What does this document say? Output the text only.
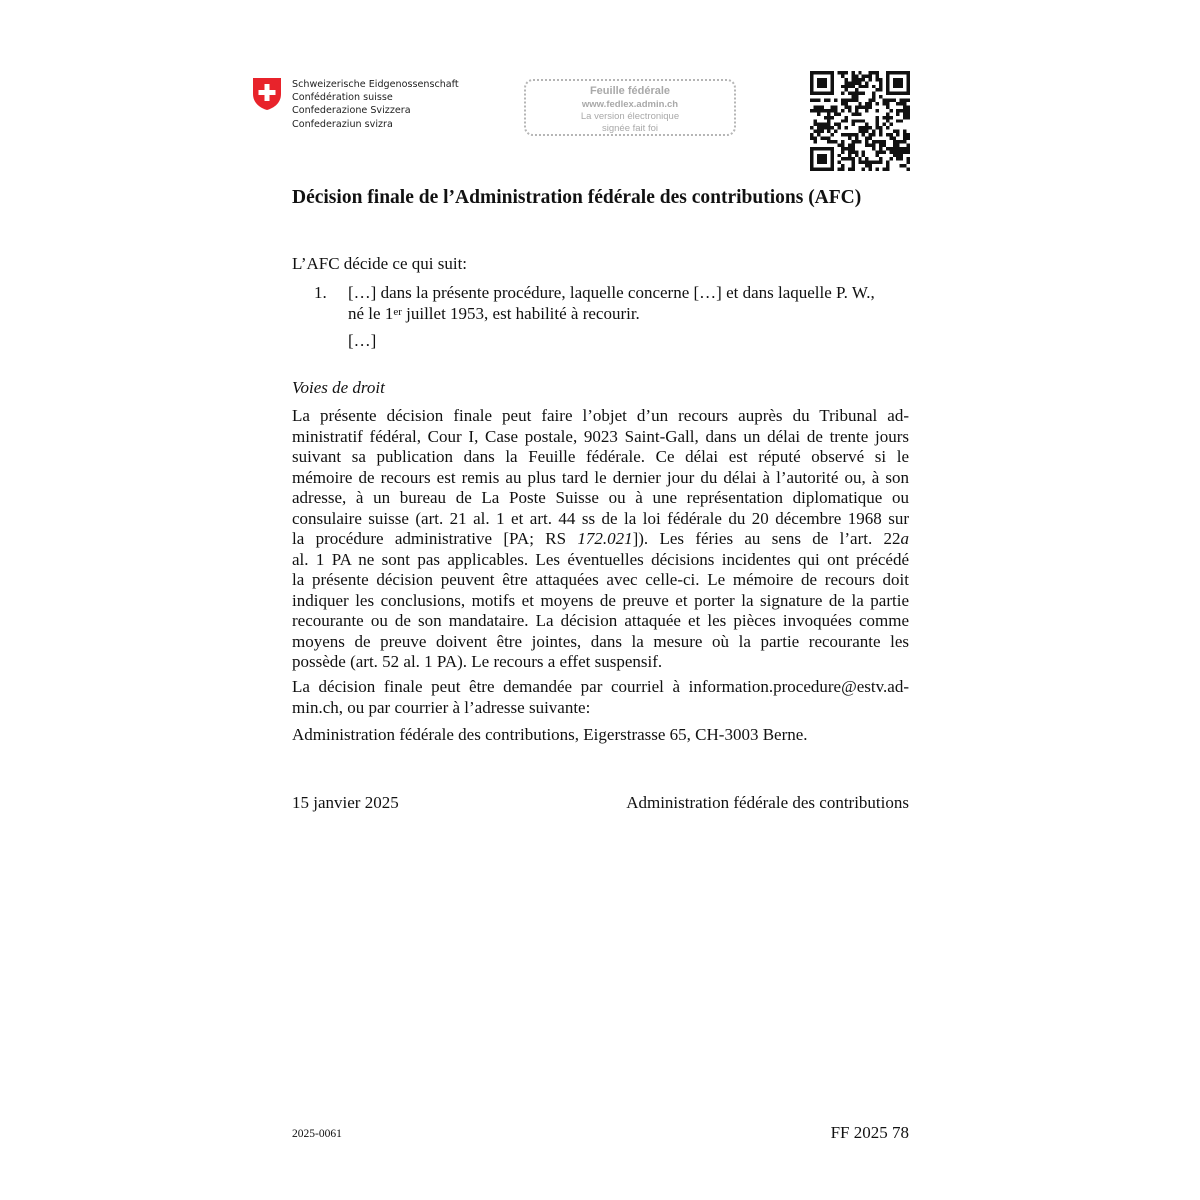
Schweizerische Eidgenossenschaft
Confédération suisse
Confederazione Svizzera
Confederaziun svizra
Feuille fédérale
www.fedlex.admin.ch
La version électronique
signée fait foi
Décision finale de l’Administration fédérale des contributions (AFC)
L’AFC décide ce qui suit:
1. […] dans la présente procédure, laquelle concerne […] et dans laquelle P. W.,
né le 1er juillet 1953, est habilité à recourir.
[…]
Voies de droit
La présente décision finale peut faire l’objet d’un recours auprès du Tribunal ad-
ministratif fédéral, Cour I, Case postale, 9023 Saint-Gall, dans un délai de trente jours
suivant sa publication dans la Feuille fédérale. Ce délai est réputé observé si le
mémoire de recours est remis au plus tard le dernier jour du délai à l’autorité ou, à son
adresse, à un bureau de La Poste Suisse ou à une représentation diplomatique ou
consulaire suisse (art. 21 al. 1 et art. 44 ss de la loi fédérale du 20 décembre 1968 sur
la procédure administrative [PA; RS 172.021]). Les féries au sens de l’art. 22a
al. 1 PA ne sont pas applicables. Les éventuelles décisions incidentes qui ont précédé
la présente décision peuvent être attaquées avec celle-ci. Le mémoire de recours doit
indiquer les conclusions, motifs et moyens de preuve et porter la signature de la partie
recourante ou de son mandataire. La décision attaquée et les pièces invoquées comme
moyens de preuve doivent être jointes, dans la mesure où la partie recourante les
possède (art. 52 al. 1 PA). Le recours a effet suspensif.
La décision finale peut être demandée par courriel à information.procedure@estv.ad-
min.ch, ou par courrier à l’adresse suivante:
Administration fédérale des contributions, Eigerstrasse 65, CH-3003 Berne.
15 janvier 2025	Administration fédérale des contributions
2025-0061	FF 2025 78
